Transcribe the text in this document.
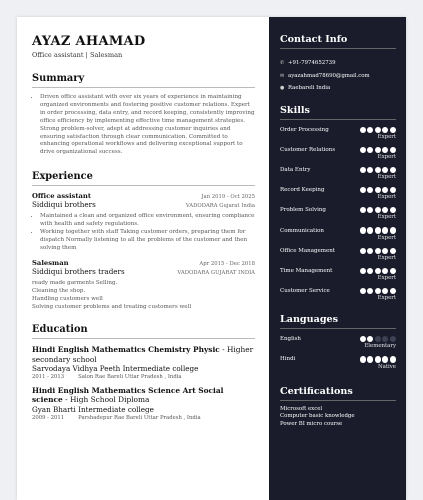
AYAZ AHAMAD
Office assistant | Salesman
Summary
• Driven office assistant with over six years of experience in maintaining organized environments and fostering positive customer relations. Expert in order processing, data entry, and record keeping, consistently improving office efficiency by implementing effective time management strategies. Strong problem-solver, adept at addressing customer inquiries and ensuring satisfaction through clear communication. Committed to enhancing operational workflows and delivering exceptional support to drive organizational success.
Experience
Office assistant	Jan 2019 - Oct 2025
Siddiqui brothers	VADODARA Gujarat India
• Maintained a clean and organized office environment, ensuring compliance with health and safety regulations.
• Working together with staff Taking customer orders, preparing them for dispatch Normally listening to all the problems of the customer and then solving them
Salesman	Apr 2015 - Dec 2018
Siddiqui brothers traders	VADODARA GUJARAT INDIA
ready made garments Selling.
Cleaning the shop.
Handling customers well
Solving customer problems and treating customers well
Education
Hindi English Mathematics Chemistry Physic - Higher secondary school
Sarvodaya Vidhya Peeth Intermediate college
2011 - 2013	Salon Rae Bareli Uttar Pradesh , India
Hindi English Mathematics Science Art Social science - High School Diploma
Gyan Bharti Intermediate college
2009 - 2011	Parshadepur Rae Bareli Uttar Pradesh , India
Contact Info
✆ +91-7974652739
✉ ayazahmad78690@gmail.com
● Raebareli India
Skills
Order Processing
Expert
Customer Relations
Expert
Data Entry
Expert
Record Keeping
Expert
Problem Solving
Expert
Communication
Expert
Office Management
Expert
Time Management
Expert
Customer Service
Expert
Languages
English
Elementary
Hindi
Native
Certifications
Microsoft excel
Computer basic knowledge
Power BI micro course
